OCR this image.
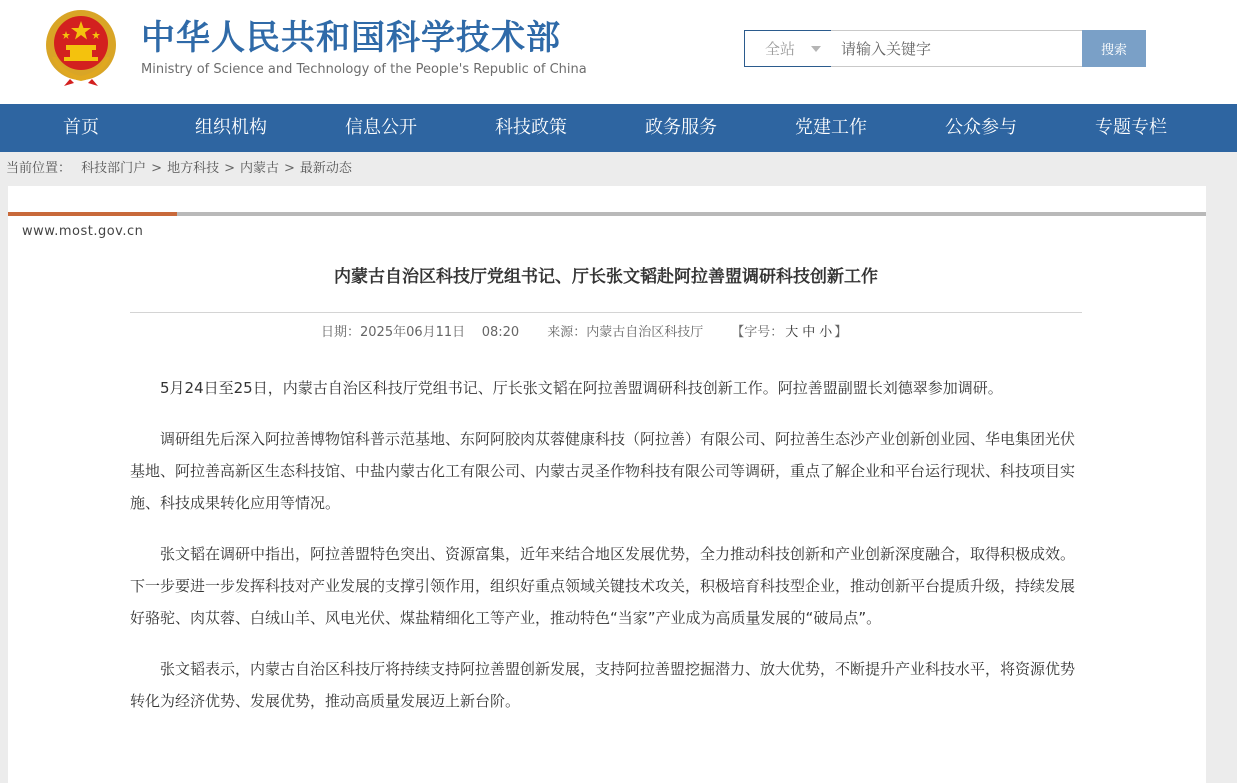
中华人民共和国科学技术部
Ministry of Science and Technology of the People's Republic of China
全站
请输入关键字	搜索
首页	组织机构	信息公开	科技政策	政务服务	党建工作	公众参与	专题专栏
当前位置： 科技部门户 > 地方科技 > 内蒙古 > 最新动态
www.most.gov.cn
内蒙古自治区科技厅党组书记、厅长张文韬赴阿拉善盟调研科技创新工作
日期：2025年06月11日 08:20 来源：内蒙古自治区科技厅 【字号： 大 中 小 】

5月24日至25日，内蒙古自治区科技厅党组书记、厅长张文韬在阿拉善盟调研科技创新工作。阿拉善盟副盟长刘德翠参加调研。

调研组先后深入阿拉善博物馆科普示范基地、东阿阿胶肉苁蓉健康科技（阿拉善）有限公司、阿拉善生态沙产业创新创业园、华电集团光伏基地、阿拉善高新区生态科技馆、中盐内蒙古化工有限公司、内蒙古灵圣作物科技有限公司等调研，重点了解企业和平台运行现状、科技项目实施、科技成果转化应用等情况。

张文韬在调研中指出，阿拉善盟特色突出、资源富集，近年来结合地区发展优势，全力推动科技创新和产业创新深度融合，取得积极成效。下一步要进一步发挥科技对产业发展的支撑引领作用，组织好重点领域关键技术攻关，积极培育科技型企业，推动创新平台提质升级，持续发展好骆驼、肉苁蓉、白绒山羊、风电光伏、煤盐精细化工等产业，推动特色“当家”产业成为高质量发展的“破局点”。

张文韬表示，内蒙古自治区科技厅将持续支持阿拉善盟创新发展，支持阿拉善盟挖掘潜力、放大优势，不断提升产业科技水平，将资源优势转化为经济优势、发展优势，推动高质量发展迈上新台阶。
